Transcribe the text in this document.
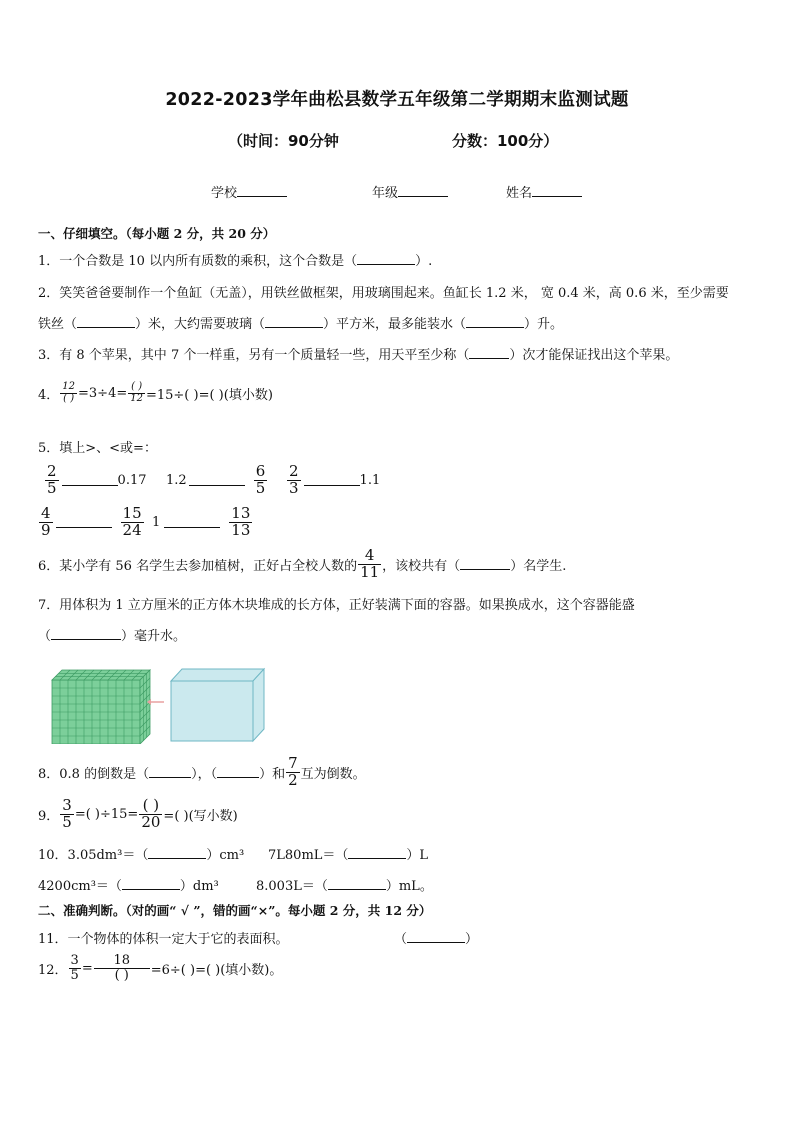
2022-2023学年曲松县数学五年级第二学期期末监测试题
（时间：90分钟	分数：100分）
学校	年级	姓名
一、仔细填空。（每小题 2 分，共 20 分）
1．一个合数是 10 以内所有质数的乘积，这个合数是（	）.
2．笑笑爸爸要制作一个鱼缸（无盖），用铁丝做框架，用玻璃围起来。鱼缸长 1.2 米， 宽 0.4 米，高 0.6 米，至少需要
铁丝（	）米，大约需要玻璃（	）平方米，最多能装水（	）升。
3．有 8 个苹果，其中 7 个一样重，另有一个质量轻一些，用天平至少称（	）次才能保证找出这个苹果。
4． $\frac{12}{( )} =3\div 4= \frac{( )}{12} =15\div$( )=( )(填小数)
5．填上>、<或=：
$\frac{2}{5}$	0.17 1.2	$\frac{6}{5} \frac{2}{3}$	1.1
$\frac{4}{9}$	$\frac{15}{24} 1$	$\frac{13}{13}$
6．某小学有 56 名学生去参加植树，正好占全校人数的 $\frac{4}{11}$ ，该校共有（	）名学生.
7．用体积为 1 立方厘米的正方体木块堆成的长方体，正好装满下面的容器。如果换成水，这个容器能盛
（	）毫升水。
8．0.8 的倒数是（	），（	）和 $\frac{7}{2}$ 互为倒数。
9． $\frac{3}{5}$ =( )$\div 15= \frac{( )}{20}$ =( )(写小数)
10．3.05dm³＝（	）cm³ 7L80mL＝（	）L
4200cm³＝（	）dm³	8.003L＝（	）mL。
二、准确判断。（对的画“ √ ”，错的画“×”。每小题 2 分，共 12 分）
11．一个物体的体积一定大于它的表面积。	（	）
12． $\frac{3}{5} = \frac{18}{( )} =6\div$( )=( )(填小数)。
